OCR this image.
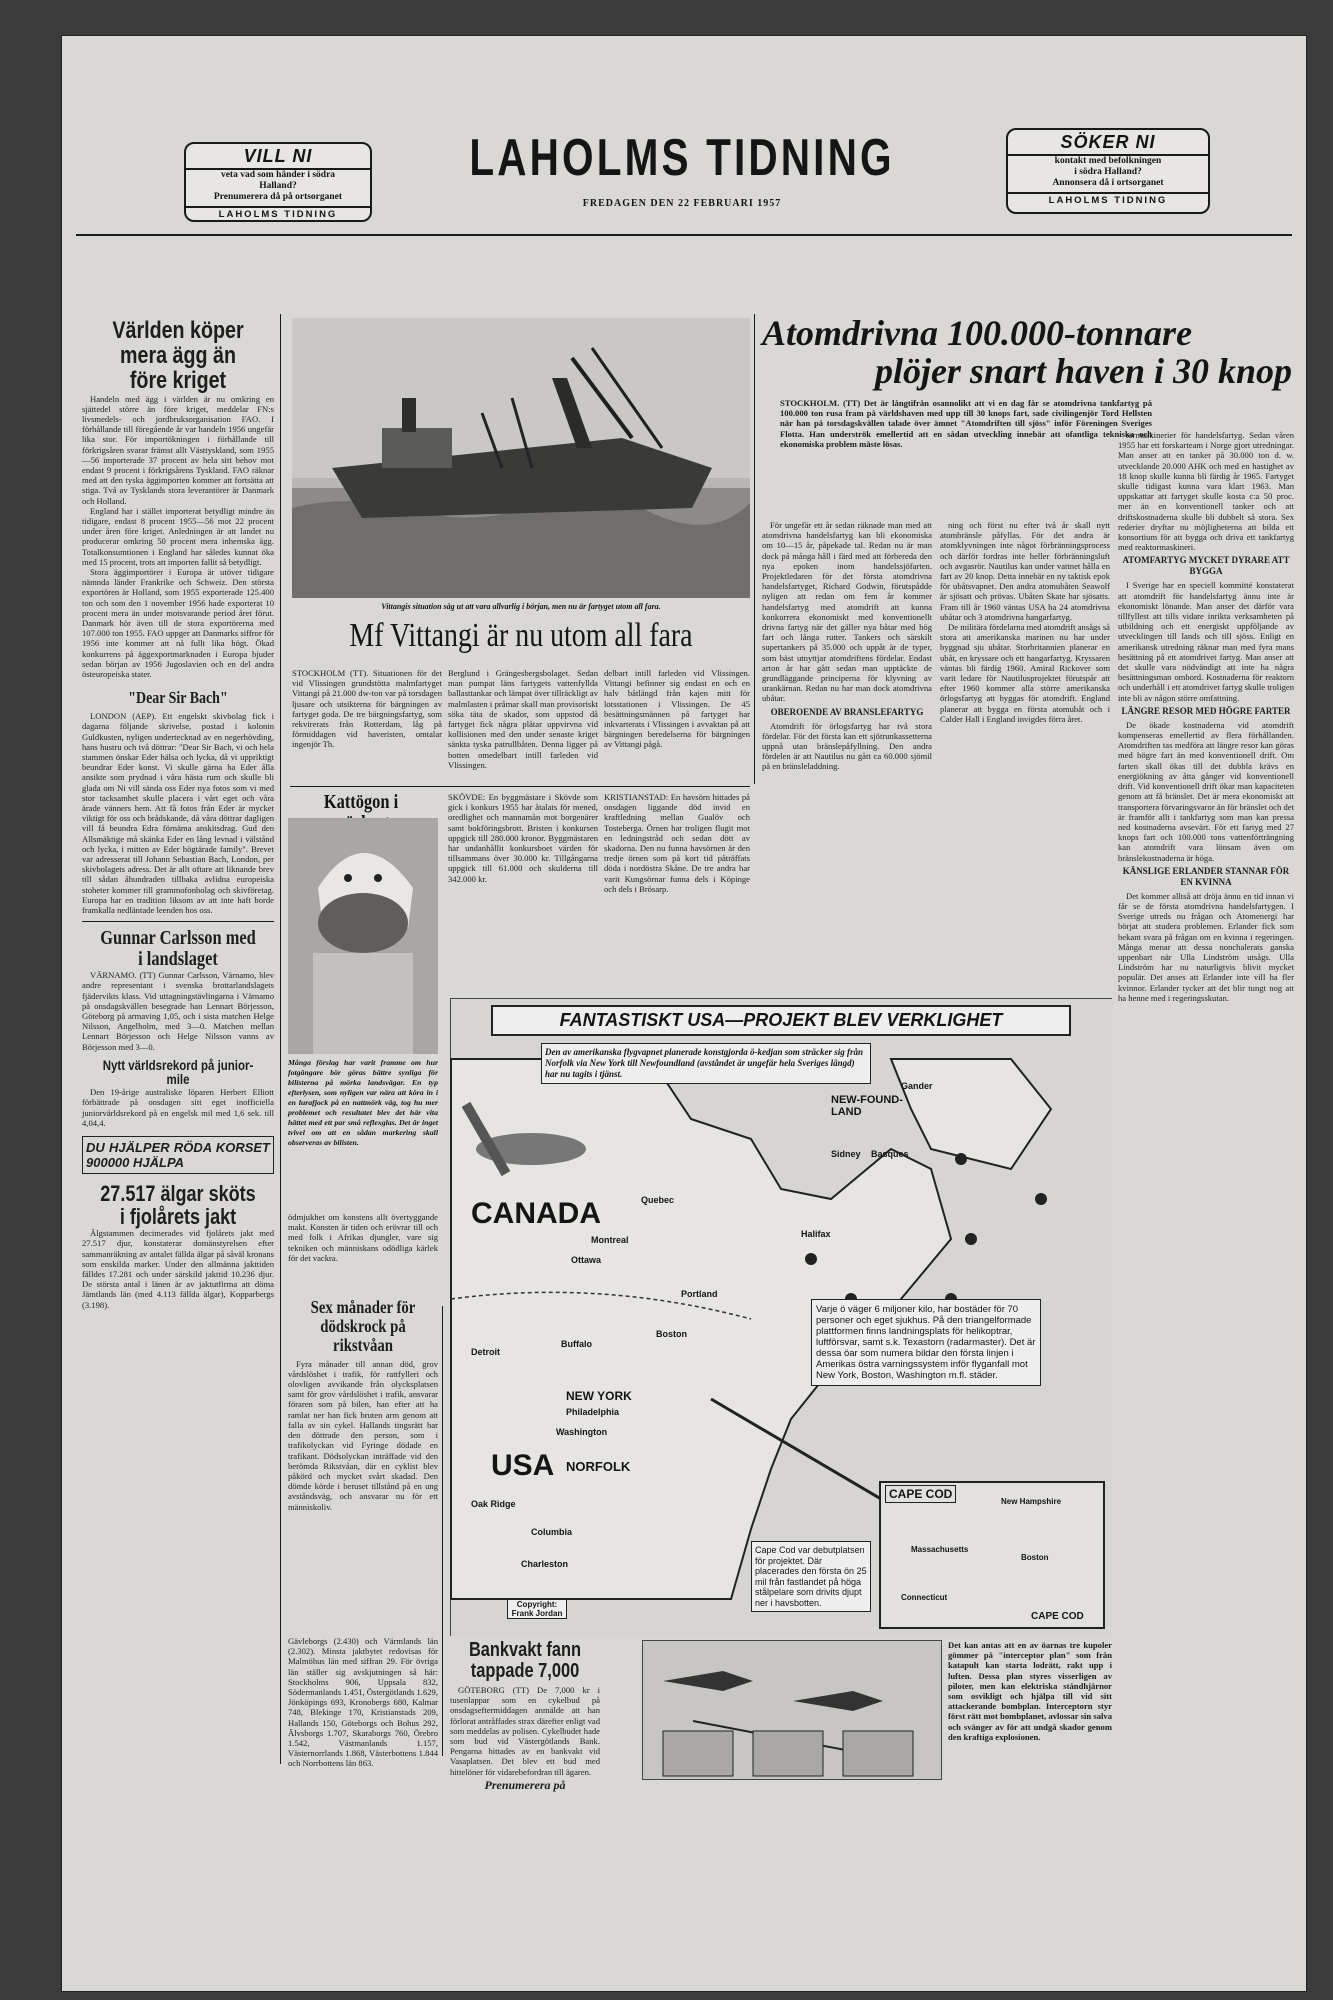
VILL NI

veta vad som händer i södra

Halland?

Prenumerera då på ortsorganet

LAHOLMS TIDNING
LAHOLMS TIDNING
FREDAGEN DEN 22 FEBRUARI 1957
SÖKER NI

kontakt med befolkningen

i södra Halland?

Annonsera då i ortsorganet

LAHOLMS TIDNING
Världen köper mera ägg än före kriget

Handeln med ägg i världen är nu omkring en sjättedel större än före kriget, meddelar FN:s livsmedels- och jordbruksorganisation FAO. I förhållande till föregående år var handeln 1956 ungefär lika stor. För importökningen i förhållande till förkrigsåren svarar främst allt Västtyskland, som 1955—56 importerade 37 procent av hela sitt behov mot endast 9 procent i förkrigsårens Tyskland. FAO räknar med att den tyska äggimporten kommer att fortsätta att stiga. Två av Tysklands stora leverantörer är Danmark och Holland.

England har i stället importerat betydligt mindre än tidigare, endast 8 procent 1955—56 mot 22 procent under åren före kriget. Anledningen är att landet nu producerar omkring 50 procent mera inhemska ägg. Totalkonsumtionen i England har således kunnat öka med 15 procent, trots att importen fallit så betydligt.

Stora äggimportörer i Europa är utöver tidigare nämnda länder Frankrike och Schweiz. Den största exportören är Holland, som 1955 exporterade 125.400 ton och som den 1 november 1956 hade exporterat 10 procent mera än under motsvarande period året förut. Danmark hör även till de stora exportörerna med 107.000 ton 1955. FAO uppger att Danmarks siffror för 1956 inte kommer att nå fullt lika högt. Ökad konkurrens på äggexportmarknaden i Europa bjuder sedan början av 1956 Jugoslavien och en del andra östeuropeiska stater.

"Dear Sir Bach"

LONDON (AEP). Ett engelskt skivbolag fick i dagarna följande skrivelse, postad i kolonin Guldkusten, nyligen undertecknad av en negerhövding, hans hustru och två döttrar: "Dear Sir Bach, vi och hela stammen önskar Eder hälsa och lycka, då vi uppriktigt beundrar Eder konst. Vi skulle gärna ha Eder ålla ansikte som prydnad i våra hästa rum och skulle bli glada om Ni vill sända oss Eder nya fotos som vi med stor tacksamhet skulle placera i vårt eget och våra ärade vänners hem. Att få fotos från Eder är mycket viktigt för oss och brådskande, då våra döttrar dagligen vill få beundra Edra förnäma anskitsdrag. Gud den Allsmäktige må skänka Eder en lång levnad i välstånd och lycka, i mitten av Eder högtärade family". Brevet var adresserat till Johann Sebastian Bach, London, per skivbolagets adress. Det är allt oftare att liknande brev till sådan åhundraden tillbaka avlidna europeiska stoheter kommer till grammofonbolag och skivföretag. Europa har en tradition liksom av att inte haft borde framkalla nedläntade leenden hos oss.

Gunnar Carlsson med i landslaget

VÄRNAMO. (TT) Gunnar Carlsson, Värnamo, blev andre representant i svenska brottarlandslagets fjädervikts klass. Vid uttagningstävlingarna i Värnamo på onsdagskvällen besegrade han Lennart Börjesson, Göteborg på armaving 1,05, och i sista matchen Helge Nilsson, Angelholm, med 3—0. Matchen mellan Lennart Börjesson och Helge Nilsson vanns av Börjesson med 3—0.

Nytt världsrekord på junior-mile

Den 19-årige australiske löparen Herbert Elliott förbättrade på onsdagen sitt eget inofficiella juniorvärldsrekord på en engelsk mil med 1,6 sek. till 4,04,4.

DU HJÄLPER RÖDA KORSET 900000 HJÄLPA
27.517 älgar sköts i fjolårets jakt

Älgstammen decimerades vid fjolårets jakt med 27.517 djur, konstaterar domänstyrelsen efter sammanräkning av antalet fällda älgar på såväl kronans som enskilda marker. Under den allmänna jakttiden fälldes 17.281 och under särskild jakttid 10.236 djur. De största antal i länen är av jaktutfirma att döma Jämtlands län (med 4.113 fällda älgar), Kopparbergs (3.198).

Vittangis situation såg ut att vara allvarlig i början, men nu är fartyget utom all fara.
Mf Vittangi är nu utom all fara
STOCKHOLM (TT). Situationen för det vid Vlissingen grundstötta malmfartyget Vittangi på 21.000 dw-ton var på torsdagen ljusare och utsikterna för bärgningen av fartyget goda. De tre bärgningsfartyg, som rekvirerats från Rotterdam, låg på förmiddagen vid haveristen, omtalar ingenjör Th.
Berglund i Grängesbergsbolaget. Sedan man pumpat läns fartygets vattenfyllda ballasttankar och lämpat över tillräckligt av malmlasten i pråmar skall man provisoriskt söka täta de skador, som uppstod då fartyget fick några plåtar uppvirvna vid kollisionen med den under senaste kriget sänkta tyska patrullbåten. Denna ligger på botten omedelbart intill farleden vid Vlissingen.
delbart intill farleden vid Vlissingen. Vittangi befinner sig endast en och en halv båtlängd från kajen mitt för lotsstationen i Vlissingen. De 45 besättningsmännen på fartyget har inkvarterats i Vlissingen i avvaktan på att bärgningen beredelserna för bärgningen av Vittangi pågå.
Kattögon i
Många förslag har varit framme om hur fotgängare bör göras bättre synliga för bilisterna på mörka landsvägar. En typ efterlysen, som nyligen var nära att köra in i en lurafjock på en nattmörk väg, tog hu mer problemet och resultatet blev det här vita hättet med ett par små reflexglas. Det är inget tvivel om att en sådan markering skall observeras av bilisten.
ödmjukhet om konstens allt övertyggande makt. Konsten är tiden och erövrar till och med folk i Afrikas djungler, vare sig tekniken och människans odödliga kärlek för det vackra.
SKÖVDE: En byggmästare i Skövde som gick i konkurs 1955 har åtalats för mened, oredlighet och mannamån mot borgenärer samt bokföringsbrott. Bristen i konkursen uppgick till 280.000 kronor. Byggmästaren har undanhållit konkursboet värden för tillsammans över 30.000 kr. Tillgångarna uppgick till 61.000 och skulderna till 342.000 kr.
KRISTIANSTAD: En havsörn hittades på onsdagen liggande död invid en kraftledning mellan Gualöv och Tosteberga. Örnen har troligen flugit mot en ledningstråd och sedan dött av skadorna. Den nu funna havsörnen är den tredje örnen som på kort tid påträffats döda i nordöstra Skåne. De tre andra har varit Kungsörnar funna dels i Köpinge och dels i Brösarp.
Atomdrivna 100.000-tonnare
plöjer snart haven i 30 knop
STOCKHOLM. (TT) Det är långtifrån osannolikt att vi en dag får se atomdrivna tankfartyg på 100.000 ton rusa fram på världshaven med upp till 30 knops fart, sade civilingenjör Tord Hellsten när han på torsdagskvällen talade över ämnet "Atomdriften till sjöss" inför Föreningen Sveriges Flotta. Han underströk emellertid att en sådan utveckling innebär att ofantliga tekniska och ekonomiska problem måste lösas.

För ungefär ett år sedan räknade man med att atomdrivna handelsfartyg kan bli ekonomiska om 10—15 år, påpekade tal. Redan nu är man dock på många håll i färd med att förbereda den nya epoken inom handelssjöfarten. Projektledaren för det första atomdrivna handelsfartyget, Richard Godwin, förutspådde nyligen att redan om fem år kommer handelsfartyg med atomdrift att kunna konkurrera ekonomiskt med konventionellt drivna fartyg när det gäller nya båtar med hög fart och långa rutter. Tankers och särskilt supertankers på 35.000 och uppåt är de typer, som bäst utnyttjar atomdriftens fördelar. Endast arton år har gått sedan man upptäckte de grundläggande principerna för klyvning av urankärnan. Redan nu har man dock atomdrivna ubåtar.

OBEROENDE AV BRANSLEFARTYG

Atomdrift för örlogsfartyg har två stora fördelar. För det första kan ett sjötrunkassetterna uppnå utan bränslepåfyllning. Den andra fördelen är att Nautilus nu gått ca 60.000 sjömil på en bränsleladdning.

ning och först nu efter två år skall nytt atombränsle påfyllas. För det andra är atomklyvningen inte något förbränningsprocess och därför fordras inte heller förbränningsluft och avgasrör. Nautilus kan under vattnet hålla en fart av 20 knop. Detta innebär en ny taktisk epok för ubåtsvapnet. Den andra atomubåten Seawolf är sjösatt och prövas. Ubåten Skate har sjösatts. Fram till år 1960 väntas USA ha 24 atomdrivna ubåtar och 3 atomdrivna hangarfartyg.

De militära fördelarna med atomdrift ansågs så stora att amerikanska marinen nu har under byggnad sju ubåtar. Storbritannien planerar en ubåt, en kryssare och ett hangarfartyg. Kryssaren väntas bli färdig 1960. Amiral Rickover som varit ledare för Nautilusprojektet förutspår att efter 1960 kommer alla större amerikanska örlogsfartyg att byggas för atomdrift. England planerar att bygga en första atomubåt och i Calder Hall i England invigdes förra året.

tormaskinerier för handelsfartyg. Sedan våren 1955 har ett forskarteam i Norge gjort utredningar. Man anser att en tanker på 30.000 ton d. w. utvecklande 20.000 AHK och med en hastighet av 18 knop skulle kunna bli färdig år 1965. Fartyget skulle tidigast kunna vara klart 1963. Man uppskattar att fartyget skulle kosta c:a 50 proc. mer än en konventionell tanker och att driftskostnaderna skulle bli dubbelt så stora. Sex rederier dryftar nu möjligheterna att bilda ett konsortium för att bygga och driva ett tankfartyg med reaktormaskineri.

ATOMFARTYG MYCKET DYRARE ATT BYGGA

I Sverige har en speciell kommitté konstaterat att atomdrift för handelsfartyg ännu inte är ekonomiskt lönande. Man anser det därför vara tillfyllest att tills vidare inrikta verksamheten på utbildning och ett energiskt uppföljande av utvecklingen till lands och till sjöss. Enligt en amerikansk utredning räknar man med fyra mans besättning på ett atomdrivet fartyg. Man anser att det skulle vara nödvändigt att inte ha några besättningsman ombord. Kostnaderna för reaktorn och underhåll i ett atomdrivet fartyg skulle troligen inte bli av någon större omfattning.

LÄNGRE RESOR MED HÖGRE FARTER

De ökade kostnaderna vid atomdrift kompenseras emellertid av flera förhållanden. Atomdriften tas medföra att längre resor kan göras med högre fart än med konventionell drift. Om farten skall ökas till det dubbla krävs en energiökning av åtta gånger vid konventionell drift. Vid konventionell drift ökar man kapaciteten genom att få bränslet. Det är mera ekonomiskt att transportera förvaringsvaror än för bränslet och det är framför allt i tankfartyg som man kan pressa ned kostnaderna avsevärt. För ett fartyg med 27 knops fart och 100.000 tons vattenförträngning kan atomdrift vara lönsam även om bränslekostnaderna är höga.

KÄNSLIGE ERLANDER STANNAR FÖR EN KVINNA

Det kommer alltså att dröja ännu en tid innan vi får se de första atomdrivna handelsfartygen. I Sverige utreds nu frågan och Atomenergi har börjat att studera problemen. Erlander fick som bekant svara på frågan om en kvinna i regeringen. Många menar att dessa nonchalerats ganska uppenbart när Ulla Lindström utsågs. Ulla Lindström har nu naturligtvis blivit mycket populär. Det anses att Erlander inte vill ha fler kvinnor. Erlander tycker att det blir tungt nog att ha henne med i regeringsskutan.

FANTASTISKT USA—PROJEKT BLEV VERKLIGHET
Den av amerikanska flygvapnet planerade konstgjorda ö-kedjan som sträcker sig från Norfolk via New York till Newfoundland (avståndet är ungefär hela Sveriges längd) har nu tagits i tjänst.
CANADA
USA
NEW-FOUND-LAND
Gander
Quebec
Montreal
Ottawa
Halifax
Sidney Basques
Portland
Boston
Buffalo
Detroit
NEW YORK
Philadelphia
Washington
NORFOLK
Oak Ridge
Columbia
Charleston
Varje ö väger 6 miljoner kilo, har bostäder för 70 personer och eget sjukhus. På den triangelformade plattformen finns landningsplats för helikoptrar, luftförsvar, samt s.k. Texastorn (radarmaster). Det är dessa öar som numera bildar den första linjen i Amerikas östra varningssystem inför flyganfall mot New York, Boston, Washington m.fl. städer.
Cape Cod var debutplatsen för projektet. Där placerades den första ön 25 mil från fastlandet på höga stålpelare som drivits djupt ner i havsbotten.
CAPE COD
New Hampshire
Massachusetts
Connecticut
Boston
CAPE COD
Copyright: Frank Jordan
Sex månader för dödskrock på rikstvåan

Fyra månader till annan död, grov vårdslöshet i trafik, för rattfylleri och olovligen avvikande från olycksplatsen samt för grov vårdslöshet i trafik, ansvarar föraren som på bilen, han efter att ha ramlat ner han fick bruten arm genom att falla av sin cykel. Hallands tingsrätt har den döttrade den person, som i trafikolyckan vid Fyringe dödade en trafikant. Dödsolyckan inträffade vid den berömda Rikstvåan, där en cyklist blev påkörd och mycket svårt skadad. Den dömde körde i beruset tillstånd på en ung avståndsväg, och ansvarar nu för ett människoliv.

Gävleborgs (2.430) och Värmlands län (2.302). Minsta jaktbytet redovisas för Malmöhus län med siffran 29. För övriga län ställer sig avskjutningen så här: Stockholms 906, Uppsala 832, Södermanlands 1.451, Östergötlands 1.629, Jönköpings 693, Kronobergs 680, Kalmar 748, Blekinge 170, Kristianstads 209, Hallands 150, Göteborgs och Bohus 292, Älvsborgs 1.707, Skaraborgs 760, Örebro 1.542, Västmanlands 1.157, Västernorrlands 1.868, Västerbottens 1.844 och Norrbottens län 863.
Bankvakt fann tappade 7,000

GÖTEBORG (TT) De 7,000 kr i tusenlappar som en cykelbud på onsdagseftermiddagen anmälde att han förlorat antråffades strax därefter enligt vad som meddelas av polisen. Cykelbudet hade som bud vid Västergötlands Bank. Pengarna hittades av en bankvakt vid Vasaplatsen. Det blev ett bud med hittelöner för vidarebefordran till ägaren.

Prenumerera på
Det kan antas att en av öarnas tre kupoler gömmer på "interceptor plan" som från katapult kan starta lodrätt, rakt upp i luften. Dessa plan styres visserligen av piloter, men kan elektriska ståndhjärnor som osvikligt och hjälpa till vid sitt attackerande bombplan. Interceptorn styr först rätt mot bombplanet, avlossar sin salva och svänger av för att undgå skador genom den kraftiga explosionen.
